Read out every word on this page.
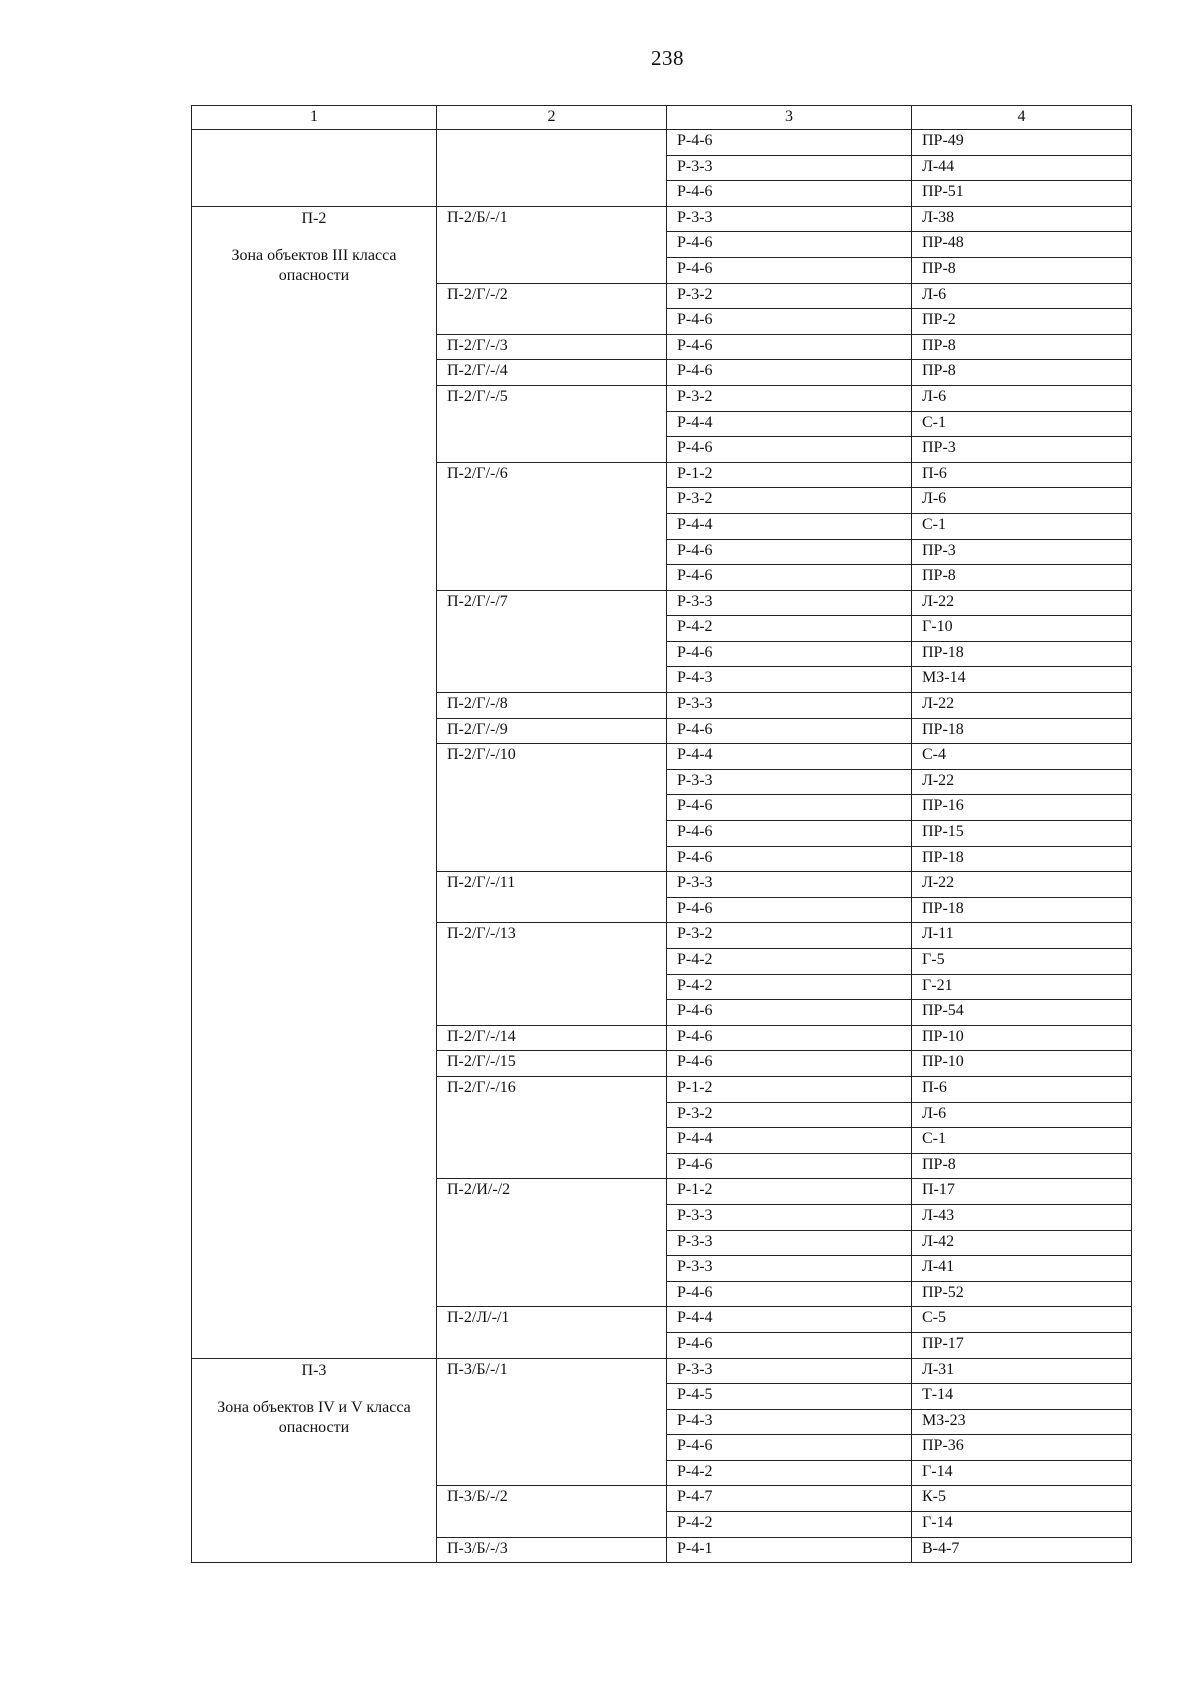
238
1	2	3	4
		Р-4-6	ПР-49
		Р-3-3	Л-44
		Р-4-6	ПР-51

П-2
Зона объектов III класса опасности	П-2/Б/-/1	Р-3-3	Л-38
		Р-4-6	ПР-48
		Р-4-6	ПР-8
	П-2/Г/-/2	Р-3-2	Л-6
		Р-4-6	ПР-2
	П-2/Г/-/3	Р-4-6	ПР-8
	П-2/Г/-/4	Р-4-6	ПР-8
	П-2/Г/-/5	Р-3-2	Л-6
		Р-4-4	С-1
		Р-4-6	ПР-3
	П-2/Г/-/6	Р-1-2	П-6
		Р-3-2	Л-6
		Р-4-4	С-1
		Р-4-6	ПР-3
		Р-4-6	ПР-8
	П-2/Г/-/7	Р-3-3	Л-22
		Р-4-2	Г-10
		Р-4-6	ПР-18
		Р-4-3	МЗ-14
	П-2/Г/-/8	Р-3-3	Л-22
	П-2/Г/-/9	Р-4-6	ПР-18
	П-2/Г/-/10	Р-4-4	С-4
		Р-3-3	Л-22
		Р-4-6	ПР-16
		Р-4-6	ПР-15
		Р-4-6	ПР-18
	П-2/Г/-/11	Р-3-3	Л-22
		Р-4-6	ПР-18
	П-2/Г/-/13	Р-3-2	Л-11
		Р-4-2	Г-5
		Р-4-2	Г-21
		Р-4-6	ПР-54
	П-2/Г/-/14	Р-4-6	ПР-10
	П-2/Г/-/15	Р-4-6	ПР-10
	П-2/Г/-/16	Р-1-2	П-6
		Р-3-2	Л-6
		Р-4-4	С-1
		Р-4-6	ПР-8
	П-2/И/-/2	Р-1-2	П-17
		Р-3-3	Л-43
		Р-3-3	Л-42
		Р-3-3	Л-41
		Р-4-6	ПР-52
	П-2/Л/-/1	Р-4-4	С-5
		Р-4-6	ПР-17

П-3
Зона объектов IV и V класса опасности	П-3/Б/-/1	Р-3-3	Л-31
		Р-4-5	Т-14
		Р-4-3	МЗ-23
		Р-4-6	ПР-36
		Р-4-2	Г-14
	П-3/Б/-/2	Р-4-7	К-5
		Р-4-2	Г-14
	П-3/Б/-/3	Р-4-1	В-4-7
